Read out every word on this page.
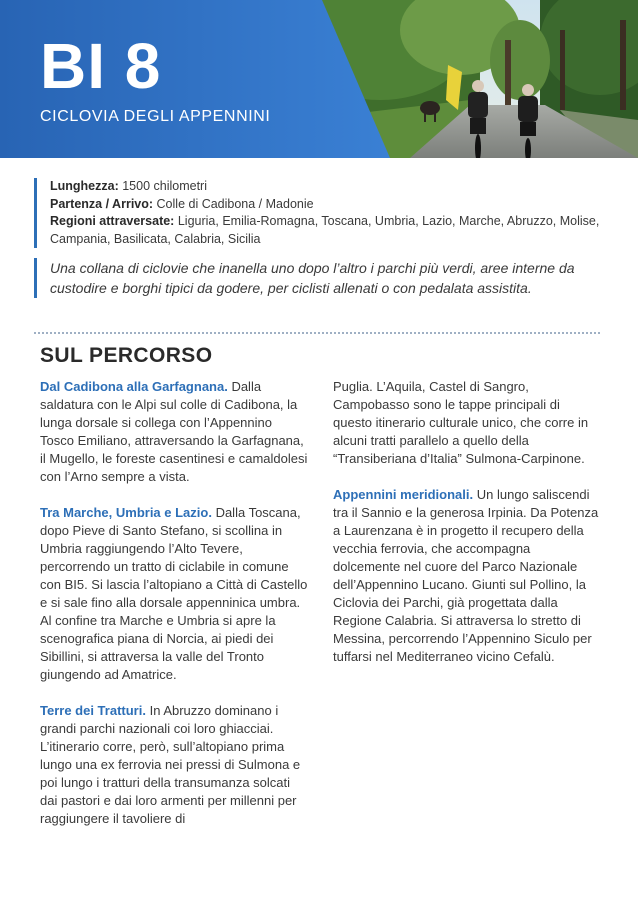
BI 8
CICLOVIA DEGLI APPENNINI
Lunghezza: 1500 chilometri
Partenza / Arrivo: Colle di Cadibona / Madonie
Regioni attraversate: Liguria, Emilia-Romagna, Toscana, Umbria, Lazio, Marche, Abruzzo, Molise, Campania, Basilicata, Calabria, Sicilia
Una collana di ciclovie che inanella uno dopo l’altro i parchi più verdi, aree interne da custodire e borghi tipici da godere, per ciclisti allenati o con pedalata assistita.
SUL PERCORSO

Dal Cadibona alla Garfagnana. Dalla saldatura con le Alpi sul colle di Cadibona, la lunga dorsale si collega con l’Appennino Tosco Emiliano, attraversando la Garfagnana, il Mugello, le foreste casentinesi e camaldolesi con l’Arno sempre a vista.

Tra Marche, Umbria e Lazio. Dalla Toscana, dopo Pieve di Santo Stefano, si scollina in Umbria raggiungendo l’Alto Tevere, percorrendo un tratto di ciclabile in comune con BI5. Si lascia l’altopiano a Città di Castello e si sale fino alla dorsale appenninica umbra. Al confine tra Marche e Umbria si apre la scenografica piana di Norcia, ai piedi dei Sibillini, si attraversa la valle del Tronto giungendo ad Amatrice.

Terre dei Tratturi. In Abruzzo dominano i grandi parchi nazionali coi loro ghiacciai. L’itinerario corre, però, sull’altopiano prima lungo una ex ferrovia nei pressi di Sulmona e poi lungo i tratturi della transumanza solcati dai pastori e dai loro armenti per millenni per raggiungere il tavoliere di

Puglia. L’Aquila, Castel di Sangro, Campobasso sono le tappe principali di questo itinerario culturale unico, che corre in alcuni tratti parallelo a quello della “Transiberiana d’Italia” Sulmona-Carpinone.

Appennini meridionali. Un lungo saliscendi tra il Sannio e la generosa Irpinia. Da Potenza a Laurenzana è in progetto il recupero della vecchia ferrovia, che accompagna dolcemente nel cuore del Parco Nazionale dell’Appennino Lucano. Giunti sul Pollino, la Ciclovia dei Parchi, già progettata dalla Regione Calabria. Si attraversa lo stretto di Messina, percorrendo l’Appennino Siculo per tuffarsi nel Mediterraneo vicino Cefalù.
